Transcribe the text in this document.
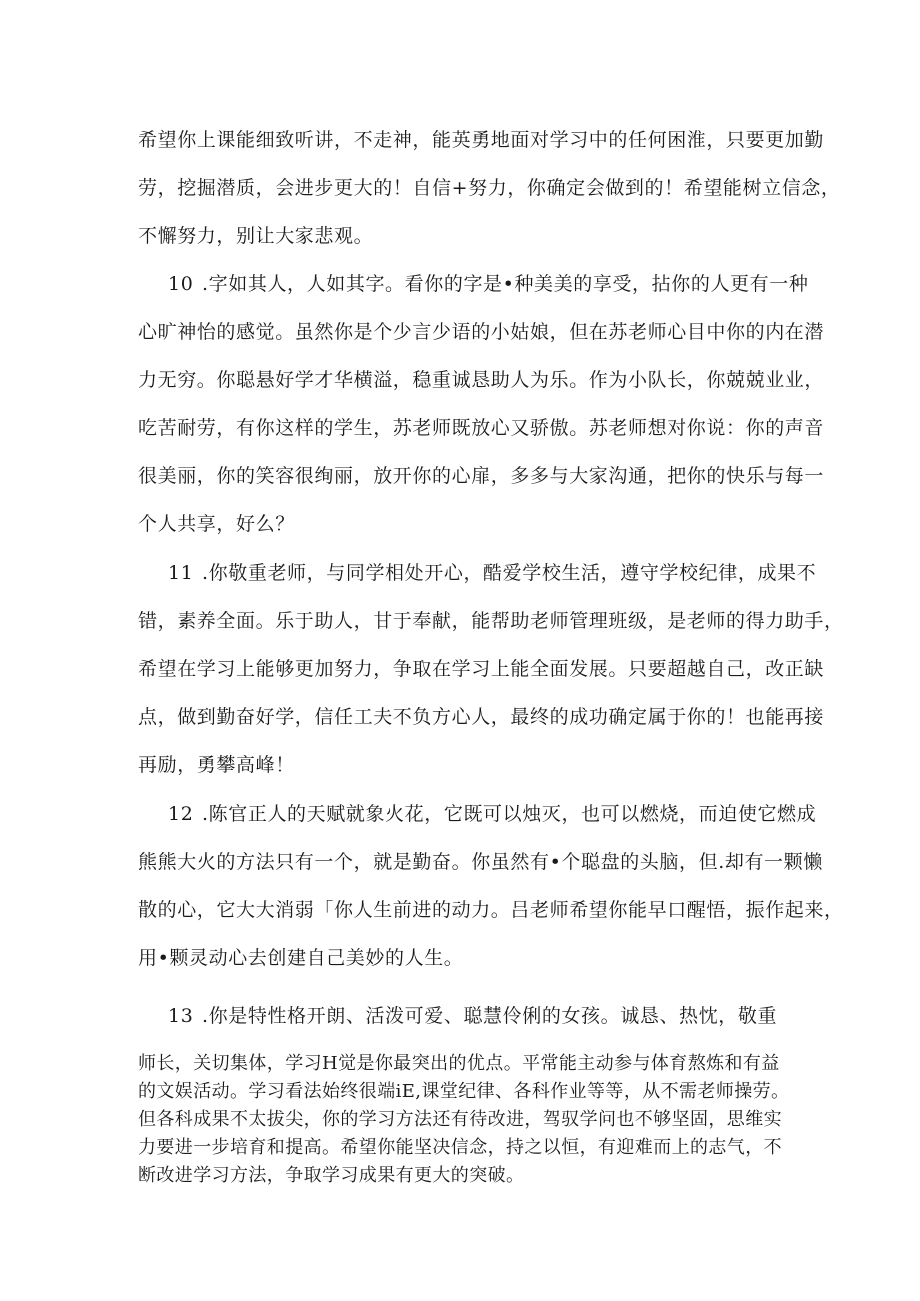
希望你上课能细致听讲，不走神，能英勇地面对学习中的任何困淮，只要更加勤
劳，挖掘潜质，会进步更大的！自信+努力，你确定会做到的！希望能树立信念，
不懈努力，别让大家悲观。
10 .字如其人，人如其字。看你的字是•种美美的享受，拈你的人更有一种
心旷神怡的感觉。虽然你是个少言少语的小姑娘，但在苏老师心目中你的内在潜
力无穷。你聪悬好学才华横溢，稳重诚恳助人为乐。作为小队长，你兢兢业业，
吃苦耐劳，有你这样的学生，苏老师既放心又骄傲。苏老师想对你说：你的声音
很美丽，你的笑容很绚丽，放开你的心扉，多多与大家沟通，把你的快乐与每一
个人共享，好么？
11 .你敬重老师，与同学相处开心，酷爱学校生活，遵守学校纪律，成果不
错，素养全面。乐于助人，甘于奉献，能帮助老师管理班级，是老师的得力助手，
希望在学习上能够更加努力，争取在学习上能全面发展。只要超越自己，改正缺
点，做到勤奋好学，信任工夫不负方心人，最终的成功确定属于你的！也能再接
再励，勇攀高峰！
12 .陈官正人的天赋就象火花，它既可以烛灭，也可以燃烧，而迫使它燃成
熊熊大火的方法只有一个，就是勤奋。你虽然有•个聪盘的头脑，但.却有一颗懒
散的心，它大大消弱「你人生前进的动力。吕老师希望你能早口醒悟，振作起来，
用•颗灵动心去创建自己美妙的人生。
13 .你是特性格开朗、活泼可爱、聪慧伶俐的女孩。诚恳、热忱，敬重
师长，关切集体，学习H觉是你最突出的优点。平常能主动参与体育熬炼和有益
的文娱活动。学习看法始终很端iE,课堂纪律、各科作业等等，从不需老师操劳。
但各科成果不太拔尖，你的学习方法还有待改进，驾驭学问也不够坚固，思维实
力要进一步培育和提高。希望你能坚决信念，持之以恒，有迎难而上的志气，不
断改进学习方法，争取学习成果有更大的突破。
